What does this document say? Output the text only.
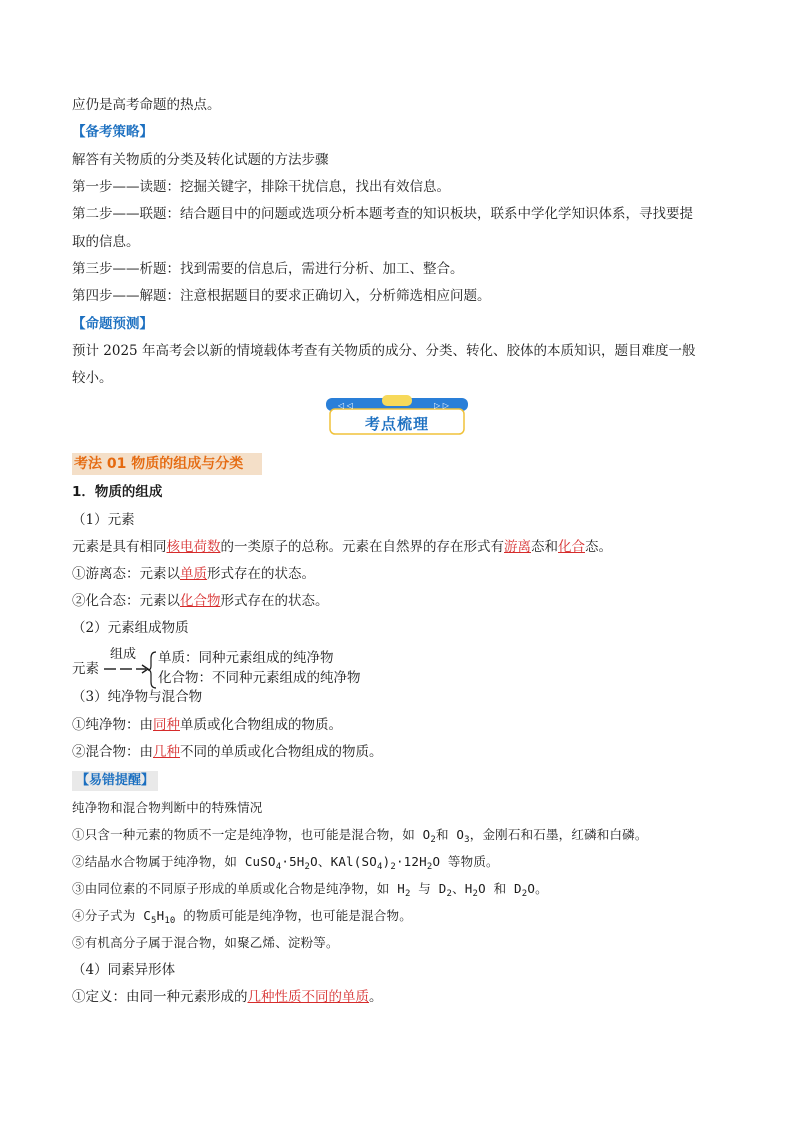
应仍是高考命题的热点。
【备考策略】
解答有关物质的分类及转化试题的方法步骤
第一步——读题：挖掘关键字，排除干扰信息，找出有效信息。
第二步——联题：结合题目中的问题或选项分析本题考查的知识板块，联系中学化学知识体系，寻找要提
取的信息。
第三步——析题：找到需要的信息后，需进行分析、加工、整合。
第四步——解题：注意根据题目的要求正确切入，分析筛选相应问题。
【命题预测】
预计 2025 年高考会以新的情境载体考查有关物质的成分、分类、转化、胶体的本质知识，题目难度一般
较小。
◁ ◁	▷ ▷
考点梳理
考法 01 物质的组成与分类
1．物质的组成
（1）元素
元素是具有相同核电荷数的一类原子的总称。元素在自然界的存在形式有游离态和化合态。
①游离态：元素以单质形式存在的状态。
②化合态：元素以化合物形式存在的状态。
（2）元素组成物质
元素
组成 单质：同种元素组成的纯净物
化合物：不同种元素组成的纯净物
（3）纯净物与混合物
①纯净物：由同种单质或化合物组成的物质。
②混合物：由几种不同的单质或化合物组成的物质。
【易错提醒】
纯净物和混合物判断中的特殊情况
①只含一种元素的物质不一定是纯净物，也可能是混合物，如 $O_2$和 $O_3$，金刚石和石墨，红磷和白磷。
②结晶水合物属于纯净物，如 $CuSO_4\cdot 5H_2O$、$KAl(SO_4)_2\cdot 12H_2O$ 等物质。
③由同位素的不同原子形成的单质或化合物是纯净物，如 $H_2$ 与 $D_2$、$H_2O$ 和 $D_2O$。
④分子式为 $C_5H_{10}$ 的物质可能是纯净物，也可能是混合物。
⑤有机高分子属于混合物，如聚乙烯、淀粉等。
（4）同素异形体
①定义：由同一种元素形成的几种性质不同的单质。
